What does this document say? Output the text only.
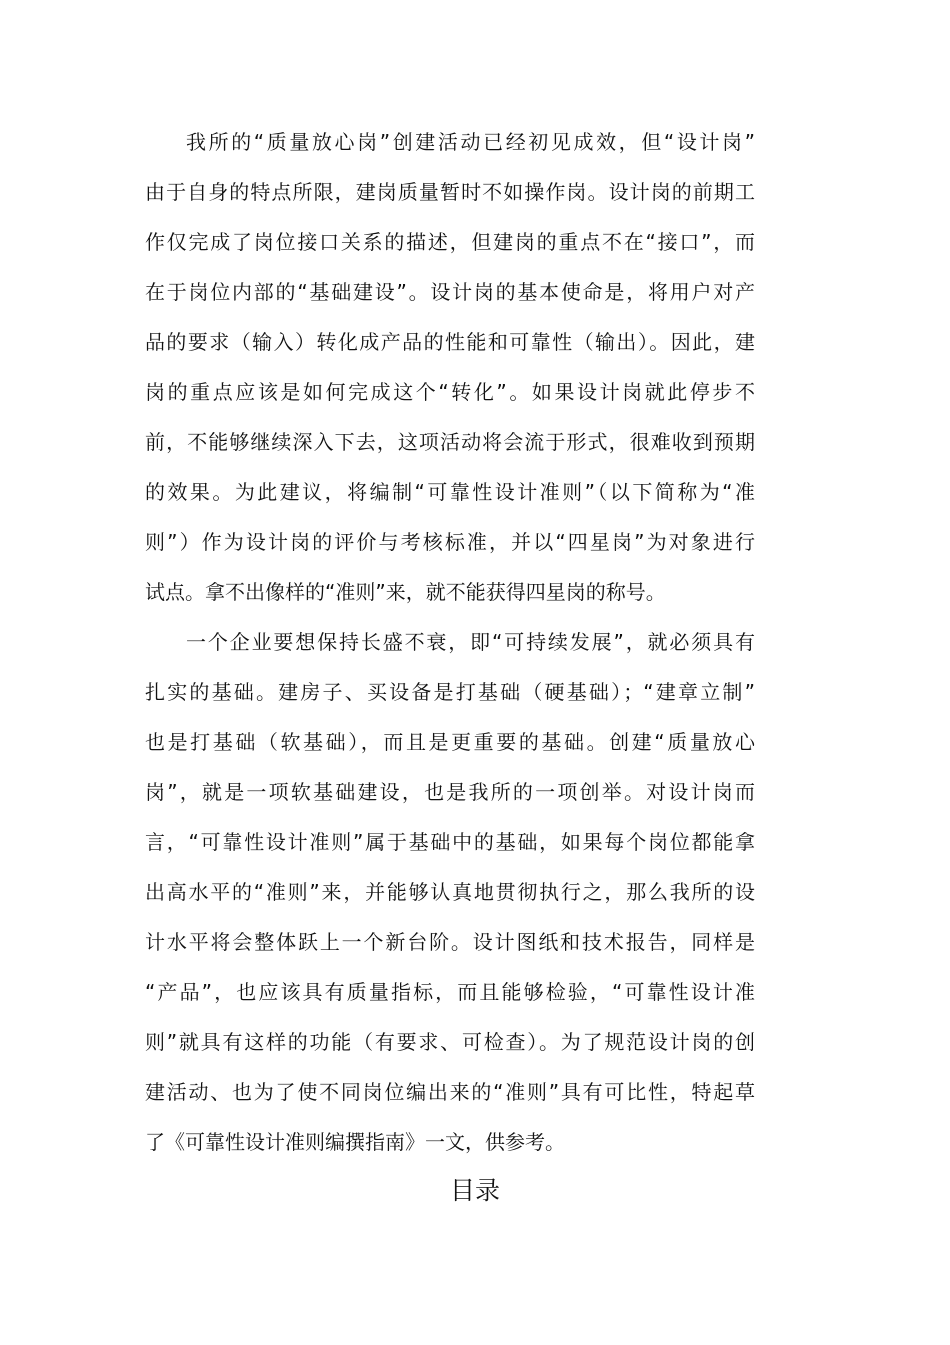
我所的“质量放心岗”创建活动已经初见成效，但“设计岗”
由于自身的特点所限，建岗质量暂时不如操作岗。设计岗的前期工
作仅完成了岗位接口关系的描述，但建岗的重点不在“接口”，而
在于岗位内部的“基础建设”。设计岗的基本使命是，将用户对产
品的要求（输入）转化成产品的性能和可靠性（输出）。因此，建
岗的重点应该是如何完成这个“转化”。如果设计岗就此停步不
前，不能够继续深入下去，这项活动将会流于形式，很难收到预期
的效果。为此建议，将编制“可靠性设计准则”（以下简称为“准
则”）作为设计岗的评价与考核标准，并以“四星岗”为对象进行
试点。拿不出像样的“准则”来，就不能获得四星岗的称号。
一个企业要想保持长盛不衰，即“可持续发展”，就必须具有
扎实的基础。建房子、买设备是打基础（硬基础）；“建章立制”
也是打基础（软基础），而且是更重要的基础。创建“质量放心
岗”，就是一项软基础建设，也是我所的一项创举。对设计岗而
言，“可靠性设计准则”属于基础中的基础，如果每个岗位都能拿
出高水平的“准则”来，并能够认真地贯彻执行之，那么我所的设
计水平将会整体跃上一个新台阶。设计图纸和技术报告，同样是
“产品”，也应该具有质量指标，而且能够检验，“可靠性设计准
则”就具有这样的功能（有要求、可检查）。为了规范设计岗的创
建活动、也为了使不同岗位编出来的“准则”具有可比性，特起草
了《可靠性设计准则编撰指南》一文，供参考。
目录
